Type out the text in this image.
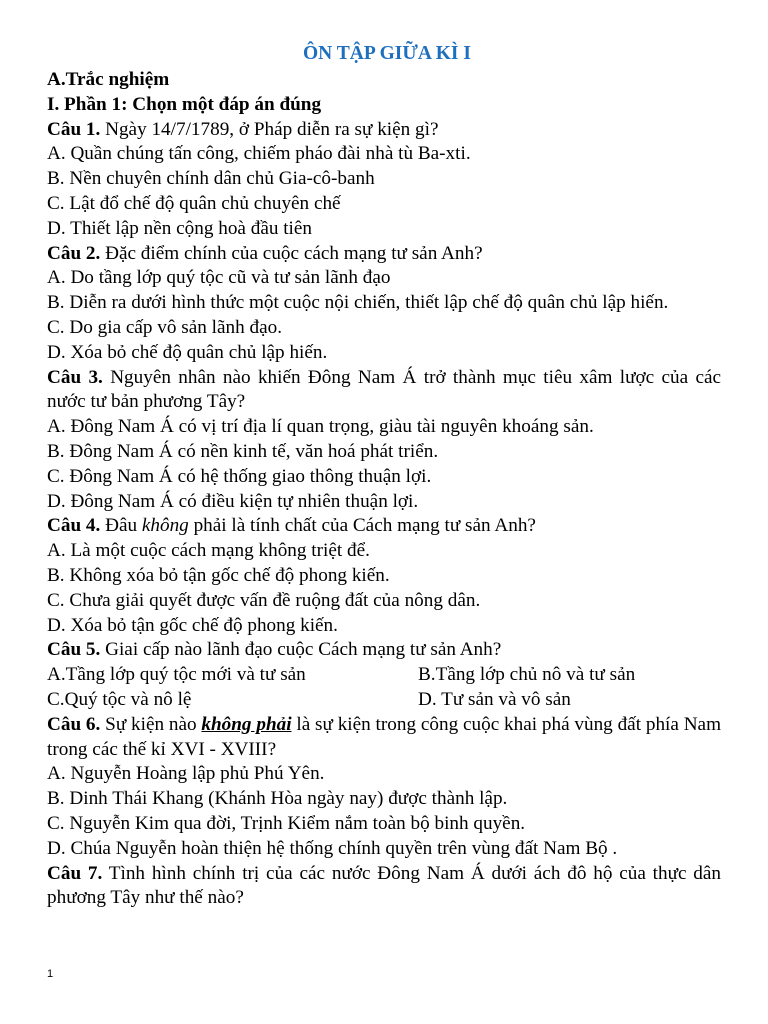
ÔN TẬP GIỮA KÌ I

A.Trắc nghiệm

I. Phần 1: Chọn một đáp án đúng

Câu 1. Ngày 14/7/1789, ở Pháp diễn ra sự kiện gì?

A. Quần chúng tấn công, chiếm pháo đài nhà tù Ba-xti.

B. Nền chuyên chính dân chủ Gia-cô-banh

C. Lật đổ chế độ quân chủ chuyên chế

D. Thiết lập nền cộng hoà đầu tiên

Câu 2. Đặc điểm chính của cuộc cách mạng tư sản Anh?

A. Do tầng lớp quý tộc cũ và tư sản lãnh đạo

B. Diễn ra dưới hình thức một cuộc nội chiến, thiết lập chế độ quân chủ lập hiến.

C. Do gia cấp vô sản lãnh đạo.

D. Xóa bỏ chế độ quân chủ lập hiến.

Câu 3. Nguyên nhân nào khiến Đông Nam Á trở thành mục tiêu xâm lược của các nước tư bản phương Tây?

A. Đông Nam Á có vị trí địa lí quan trọng, giàu tài nguyên khoáng sản.

B. Đông Nam Á có nền kinh tế, văn hoá phát triển.

C. Đông Nam Á có hệ thống giao thông thuận lợi.

D. Đông Nam Á có điều kiện tự nhiên thuận lợi.

Câu 4. Đâu không phải là tính chất của Cách mạng tư sản Anh?

A. Là một cuộc cách mạng không triệt để.

B. Không xóa bỏ tận gốc chế độ phong kiến.

C. Chưa giải quyết được vấn đề ruộng đất của nông dân.

D. Xóa bỏ tận gốc chế độ phong kiến.

Câu 5. Giai cấp nào lãnh đạo cuộc Cách mạng tư sản Anh?

A.Tầng lớp quý tộc mới và tư sản	B.Tầng lớp chủ nô và tư sản
C.Quý tộc và nô lệ	D. Tư sản và vô sản

Câu 6. Sự kiện nào không phải là sự kiện trong công cuộc khai phá vùng đất phía Nam trong các thế kỉ XVI - XVIII?

A. Nguyễn Hoàng lập phủ Phú Yên.

B. Dinh Thái Khang (Khánh Hòa ngày nay) được thành lập.

C. Nguyễn Kim qua đời, Trịnh Kiểm nắm toàn bộ binh quyền.

D. Chúa Nguyễn hoàn thiện hệ thống chính quyền trên vùng đất Nam Bộ .

Câu 7. Tình hình chính trị của các nước Đông Nam Á dưới ách đô hộ của thực dân phương Tây như thế nào?

1
